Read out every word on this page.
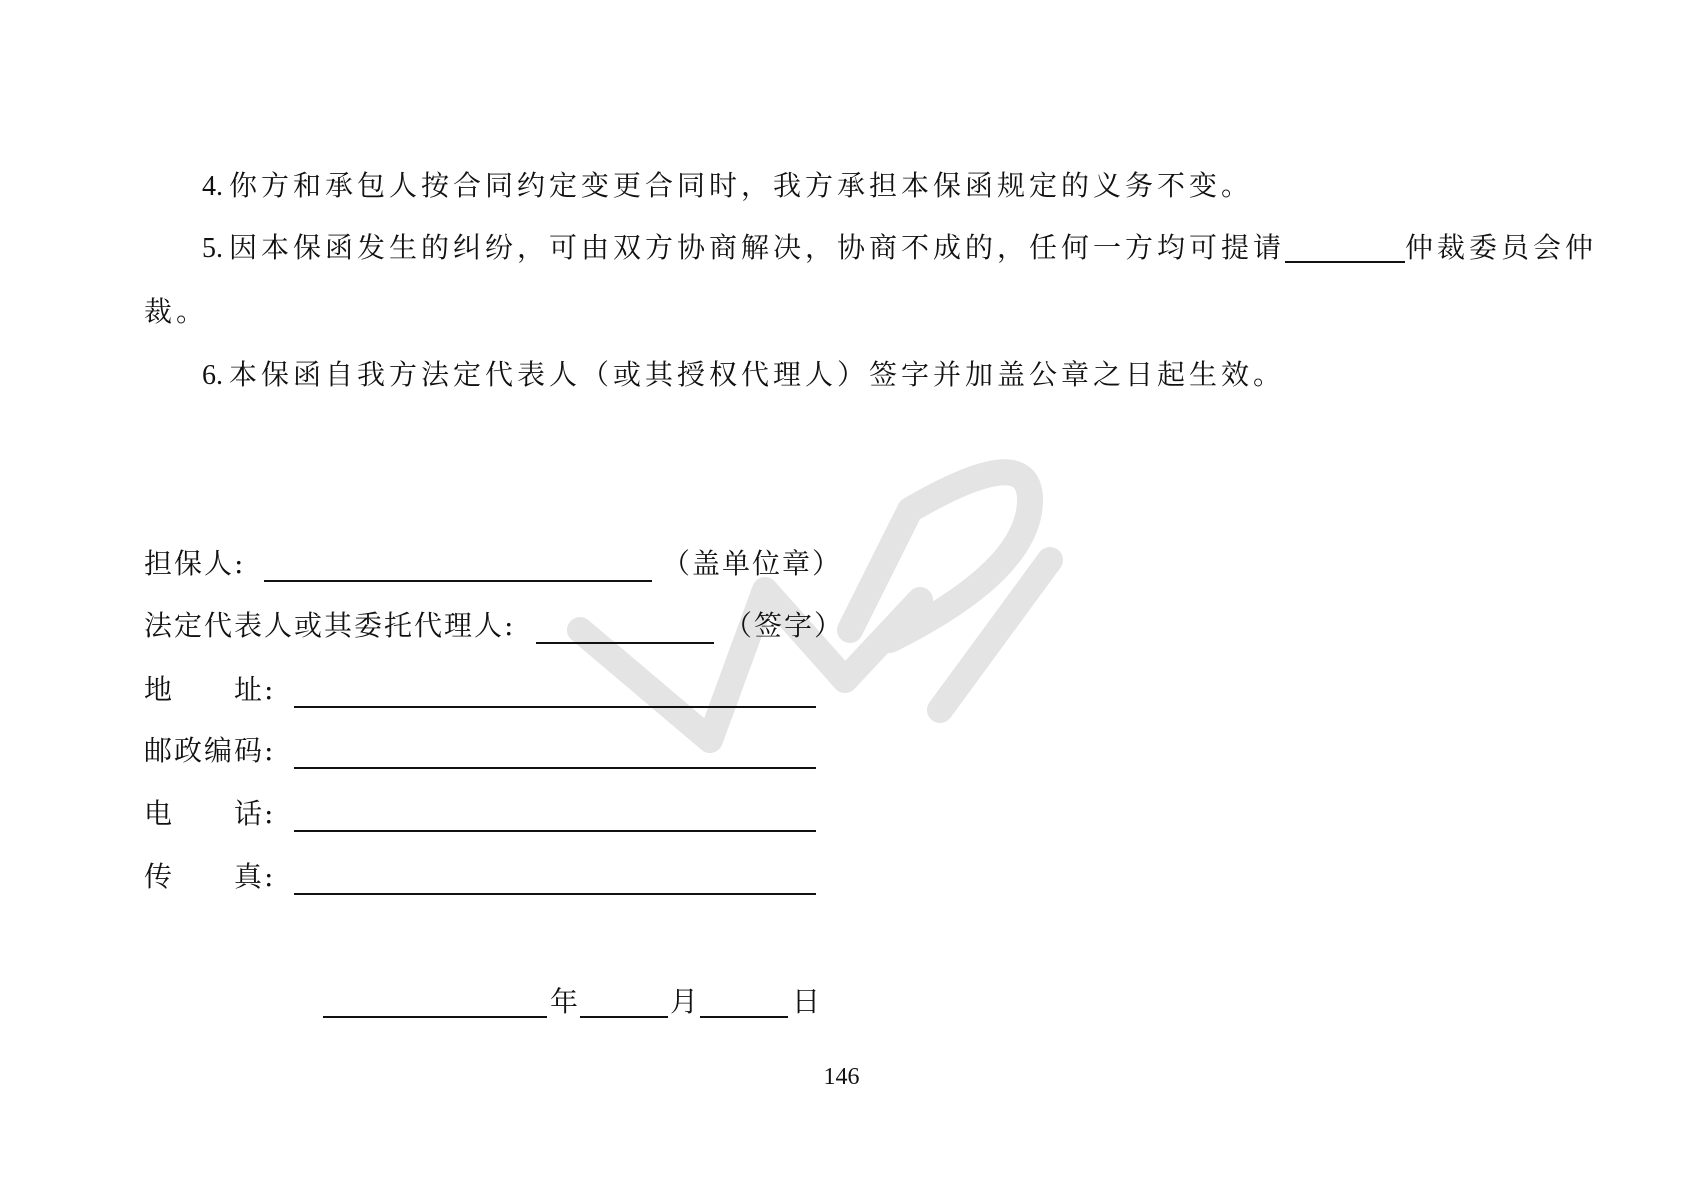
4. 你方和承包人按合同约定变更合同时，我方承担本保函规定的义务不变。
5. 因本保函发生的纠纷，可由双方协商解决，协商不成的，任何一方均可提请	仲裁委员会仲
裁。
6. 本保函自我方法定代表人（或其授权代理人）签字并加盖公章之日起生效。
担保人:	（盖单位章）
法定代表人或其委托代理人:	（签字）
地 址:
邮政编码:
电 话:
传 真:
年	月	日
146
